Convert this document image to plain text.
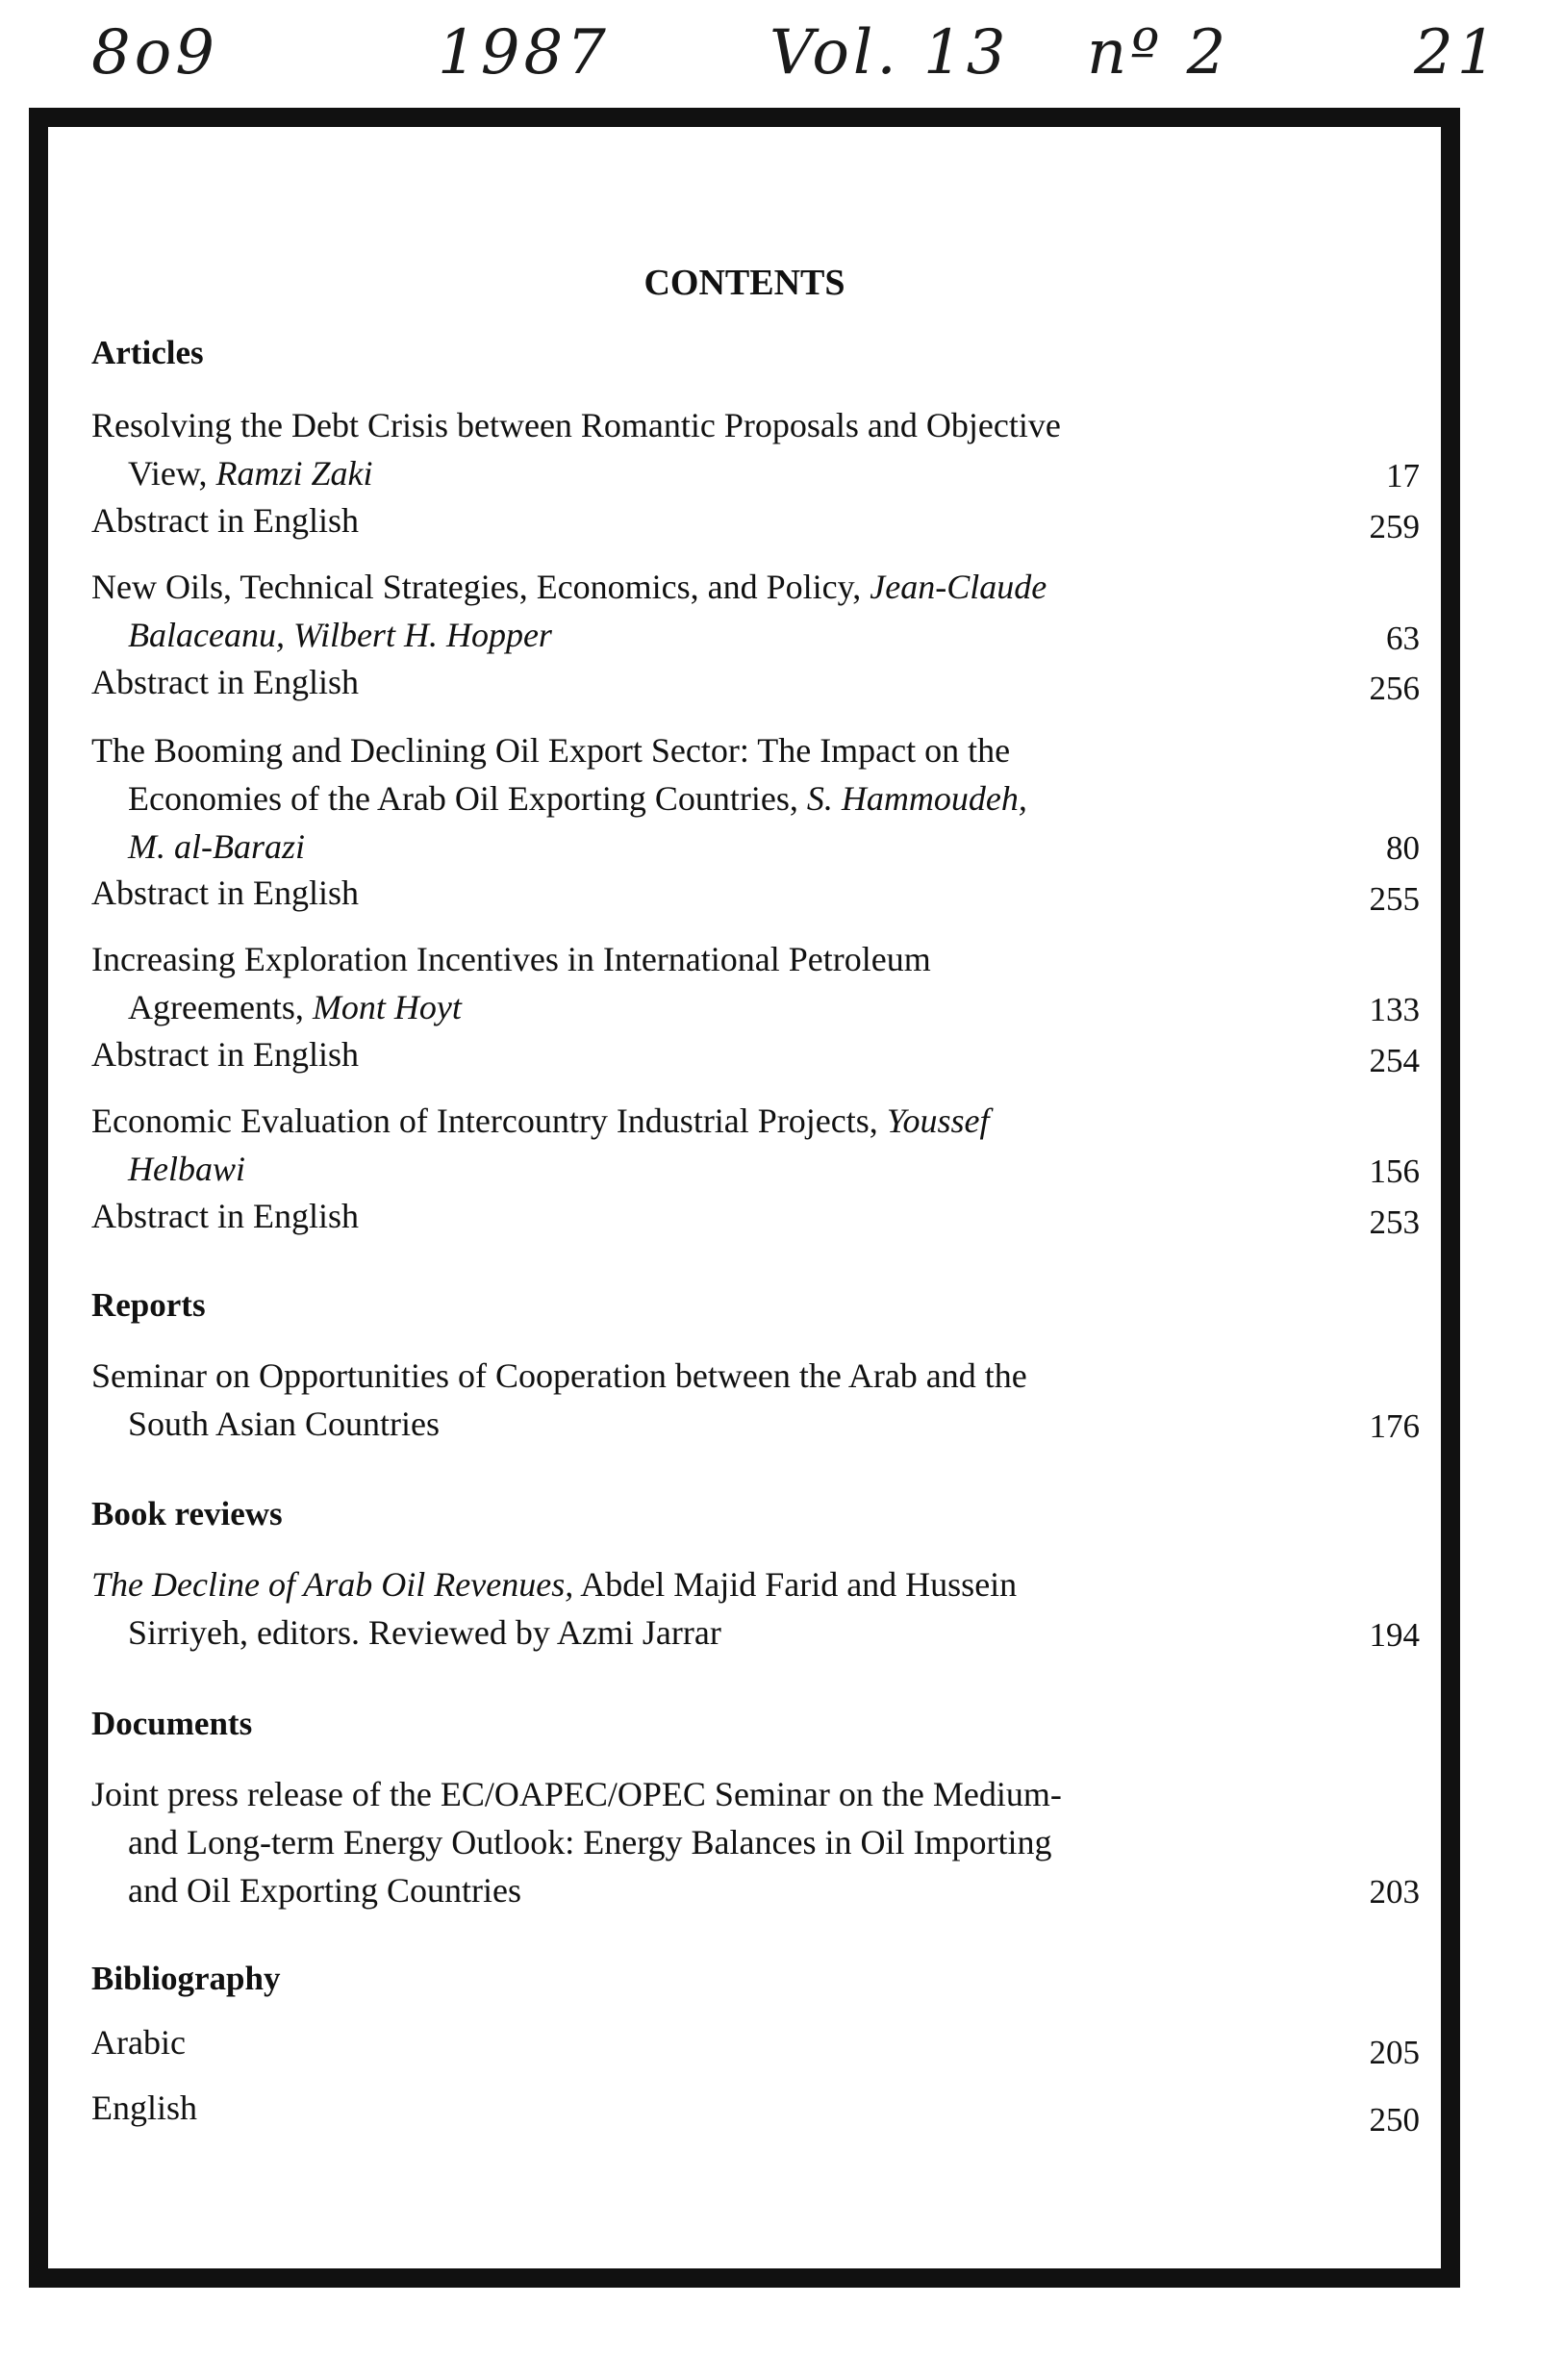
8o9	1987	Vol. 13 nº 2	21
CONTENTS
Articles
Resolving the Debt Crisis between Romantic Proposals and Objective
View, Ramzi Zaki	17
Abstract in English	259
New Oils, Technical Strategies, Economics, and Policy, Jean-Claude
Balaceanu, Wilbert H. Hopper	63
Abstract in English	256
The Booming and Declining Oil Export Sector: The Impact on the
Economies of the Arab Oil Exporting Countries, S. Hammoudeh,
M. al-Barazi	80
Abstract in English	255
Increasing Exploration Incentives in International Petroleum
Agreements, Mont Hoyt	133
Abstract in English	254
Economic Evaluation of Intercountry Industrial Projects, Youssef
Helbawi	156
Abstract in English	253
Reports
Seminar on Opportunities of Cooperation between the Arab and the
South Asian Countries	176
Book reviews
The Decline of Arab Oil Revenues, Abdel Majid Farid and Hussein
Sirriyeh, editors. Reviewed by Azmi Jarrar	194
Documents
Joint press release of the EC/OAPEC/OPEC Seminar on the Medium-
and Long-term Energy Outlook: Energy Balances in Oil Importing
and Oil Exporting Countries	203
Bibliography
Arabic	205
English	250
